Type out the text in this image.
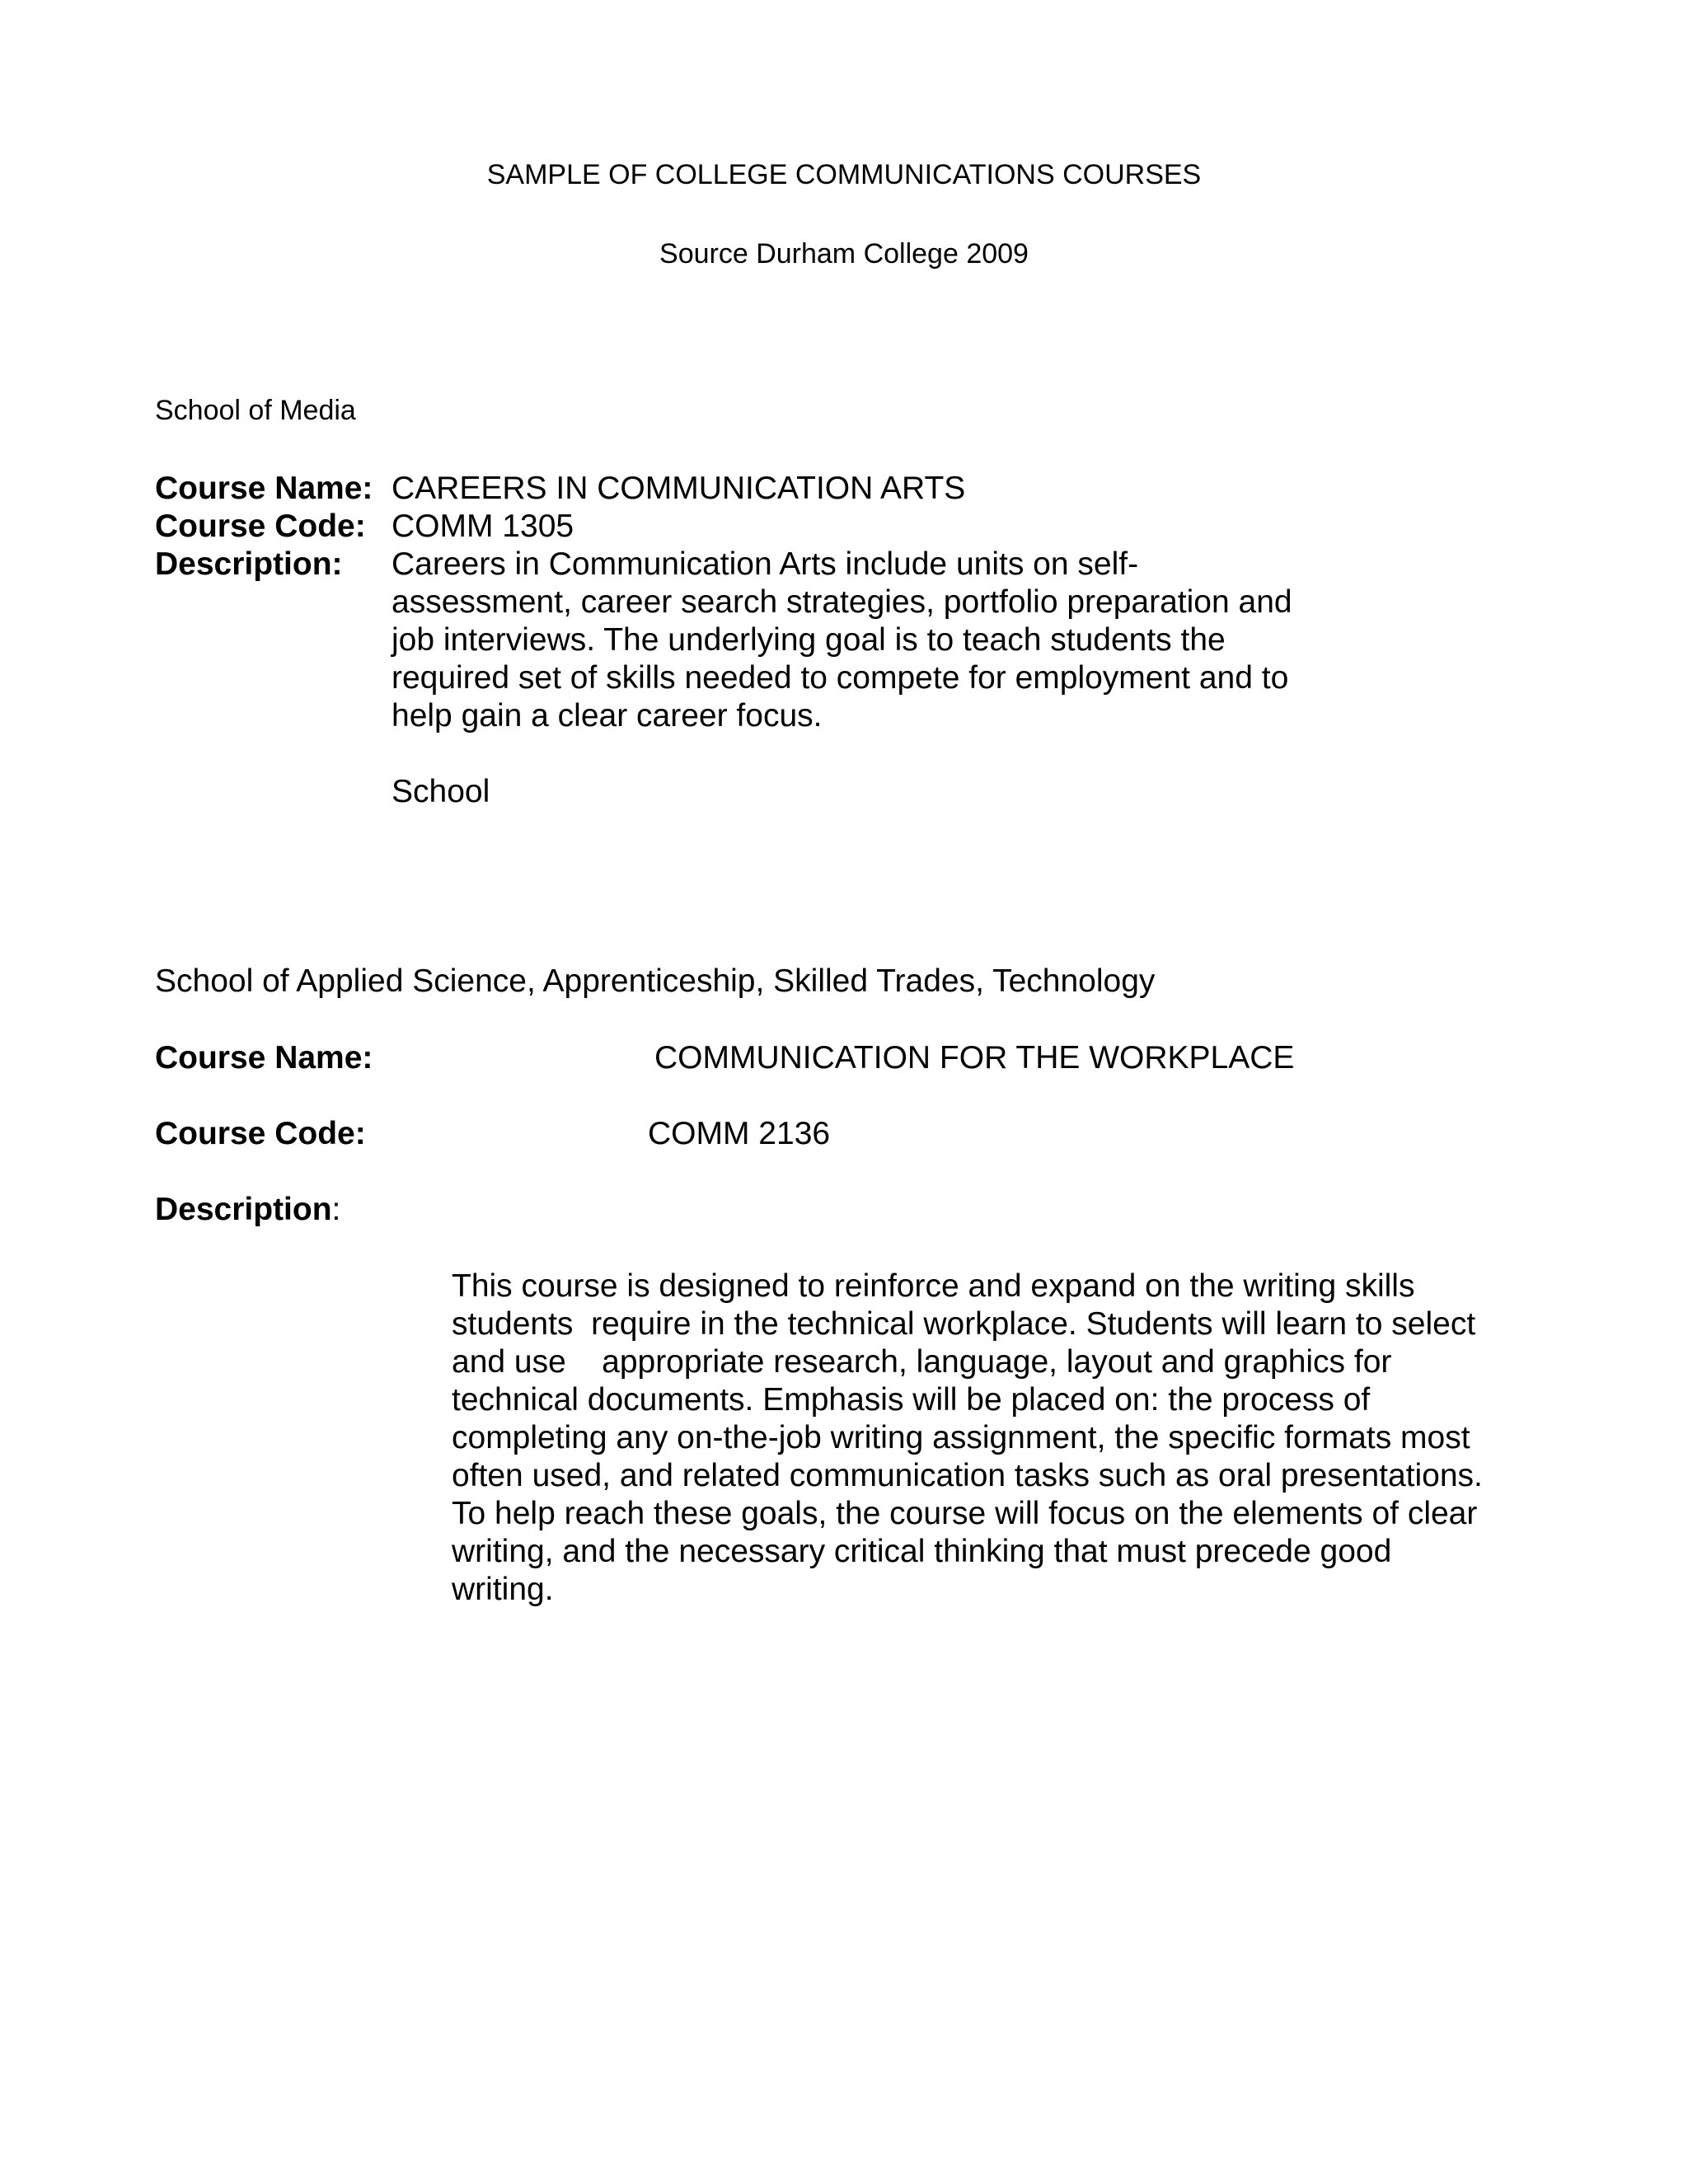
SAMPLE OF COLLEGE COMMUNICATIONS COURSES
Source Durham College 2009
School of Media
Course Name: CAREERS IN COMMUNICATION ARTS
Course Code: COMM 1305
Description: Careers in Communication Arts include units on self-
assessment, career search strategies, portfolio preparation and
job interviews. The underlying goal is to teach students the
required set of skills needed to compete for employment and to
help gain a clear career focus.
School
School of Applied Science, Apprenticeship, Skilled Trades, Technology
Course Name:	COMMUNICATION FOR THE WORKPLACE
Course Code:	COMM 2136
Description:
This course is designed to reinforce and expand on the writing skills
students  require in the technical workplace. Students will learn to select
and use    appropriate research, language, layout and graphics for
technical documents. Emphasis will be placed on: the process of
completing any on-the-job writing assignment, the specific formats most
often used, and related communication tasks such as oral presentations.
To help reach these goals, the course will focus on the elements of clear
writing, and the necessary critical thinking that must precede good
writing.
